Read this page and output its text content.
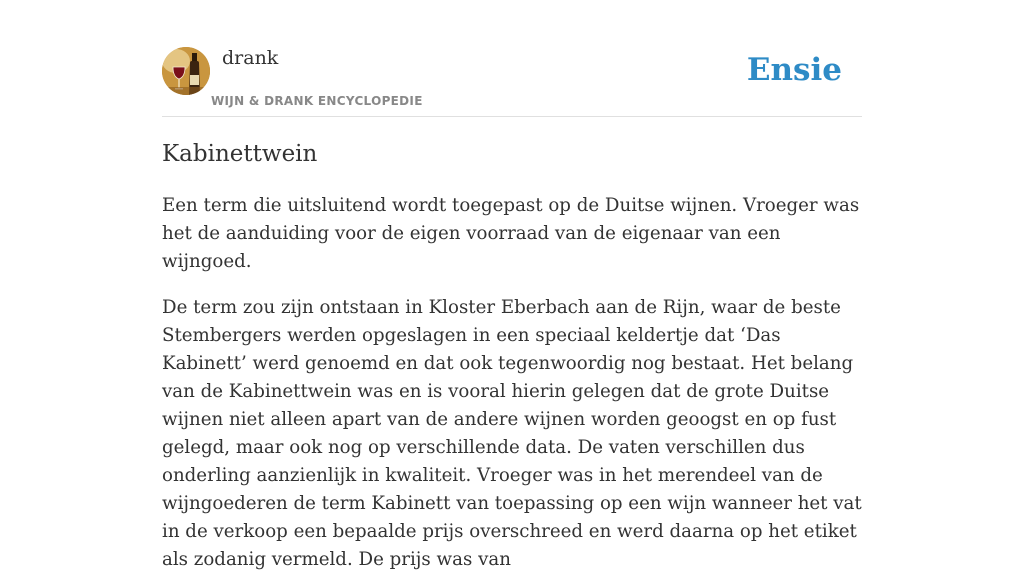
drank
WIJN & DRANK ENCYCLOPEDIE
Ensie
Kabinettwein

Een term die uitsluitend wordt toegepast op de Duitse wijnen. Vroeger was het de aanduiding voor de eigen voorraad van de eigenaar van een wijngoed.

De term zou zijn ontstaan in Kloster Eberbach aan de Rijn, waar de beste Stembergers werden opgeslagen in een speciaal keldertje dat ‘Das Kabinett’ werd genoemd en dat ook tegenwoordig nog bestaat. Het belang van de Kabinettwein was en is vooral hierin gelegen dat de grote Duitse wijnen niet alleen apart van de andere wijnen worden geoogst en op fust gelegd, maar ook nog op verschillende data. De vaten verschillen dus onderling aanzienlijk in kwaliteit. Vroeger was in het merendeel van de wijngoederen de term Kabinett van toepassing op een wijn wanneer het vat in de verkoop een bepaalde prijs overschreed en werd daarna op het etiket als zodanig vermeld. De prijs was van
